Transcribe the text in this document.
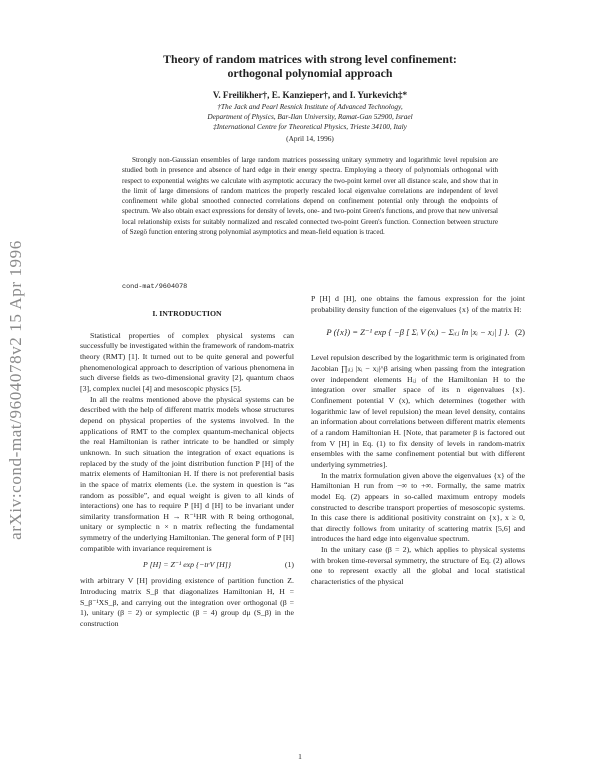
arXiv:cond-mat/9604078v2 15 Apr 1996
Theory of random matrices with strong level confinement:
orthogonal polynomial approach
V. Freilikher†, E. Kanzieper†, and I. Yurkevich‡*
†The Jack and Pearl Resnick Institute of Advanced Technology,
Department of Physics, Bar-Ilan University, Ramat-Gan 52900, Israel
‡International Centre for Theoretical Physics, Trieste 34100, Italy
(April 14, 1996)
Strongly non-Gaussian ensembles of large random matrices possessing unitary symmetry and logarithmic level repulsion are studied both in presence and absence of hard edge in their energy spectra. Employing a theory of polynomials orthogonal with respect to exponential weights we calculate with asymptotic accuracy the two-point kernel over all distance scale, and show that in the limit of large dimensions of random matrices the properly rescaled local eigenvalue correlations are independent of level confinement while global smoothed connected correlations depend on confinement potential only through the endpoints of spectrum. We also obtain exact expressions for density of levels, one- and two-point Green's functions, and prove that new universal local relationship exists for suitably normalized and rescaled connected two-point Green's function. Connection between structure of Szegö function entering strong polynomial asymptotics and mean-field equation is traced.
cond-mat/9604078
I. INTRODUCTION

Statistical properties of complex physical systems can successfully be investigated within the framework of random-matrix theory (RMT) [1]. It turned out to be quite general and powerful phenomenological approach to description of various phenomena in such diverse fields as two-dimensional gravity [2], quantum chaos [3], complex nuclei [4] and mesoscopic physics [5].

In all the realms mentioned above the physical systems can be described with the help of different matrix models whose structures depend on physical properties of the systems involved. In the applications of RMT to the complex quantum-mechanical objects the real Hamiltonian is rather intricate to be handled or simply unknown. In such situation the integration of exact equations is replaced by the study of the joint distribution function P [H] of the matrix elements of Hamiltonian H. If there is not preferential basis in the space of matrix elements (i.e. the system in question is “as random as possible”, and equal weight is given to all kinds of interactions) one has to require P [H] d [H] to be invariant under similarity transformation H → R⁻¹HR with R being orthogonal, unitary or symplectic n × n matrix reflecting the fundamental symmetry of the underlying Hamiltonian. The general form of P [H] compatible with invariance requirement is

P [H] = Z⁻¹ exp {−trV [H]}	(1)

with arbitrary V [H] providing existence of partition function Z. Introducing matrix S_β that diagonalizes Hamiltonian H, H = S_β⁻¹XS_β, and carrying out the integration over orthogonal (β = 1), unitary (β = 2) or symplectic (β = 4) group dμ (S_β) in the construction

P [H] d [H], one obtains the famous expression for the joint probability density function of the eigenvalues {x} of the matrix H:

P ({x}) = Z⁻¹ exp { −β [ Σᵢ V (xᵢ) − Σᵢ₍ⱼ ln |xᵢ − xⱼ| ] }. (2)

Level repulsion described by the logarithmic term is originated from Jacobian ∏ᵢ₍ⱼ |xᵢ − xⱼ|^β arising when passing from the integration over independent elements Hᵢⱼ of the Hamiltonian H to the integration over smaller space of its n eigenvalues {x}. Confinement potential V (x), which determines (together with logarithmic law of level repulsion) the mean level density, contains an information about correlations between different matrix elements of a random Hamiltonian H. [Note, that parameter β is factored out from V [H] in Eq. (1) to fix density of levels in random-matrix ensembles with the same confinement potential but with different underlying symmetries].

In the matrix formulation given above the eigenvalues {x} of the Hamiltonian H run from −∞ to +∞. Formally, the same matrix model Eq. (2) appears in so-called maximum entropy models constructed to describe transport properties of mesoscopic systems. In this case there is additional positivity constraint on {x}, x ≥ 0, that directly follows from unitarity of scattering matrix [5,6] and introduces the hard edge into eigenvalue spectrum.

In the unitary case (β = 2), which applies to physical systems with broken time-reversal symmetry, the structure of Eq. (2) allows one to represent exactly all the global and local statistical characteristics of the physical

1
